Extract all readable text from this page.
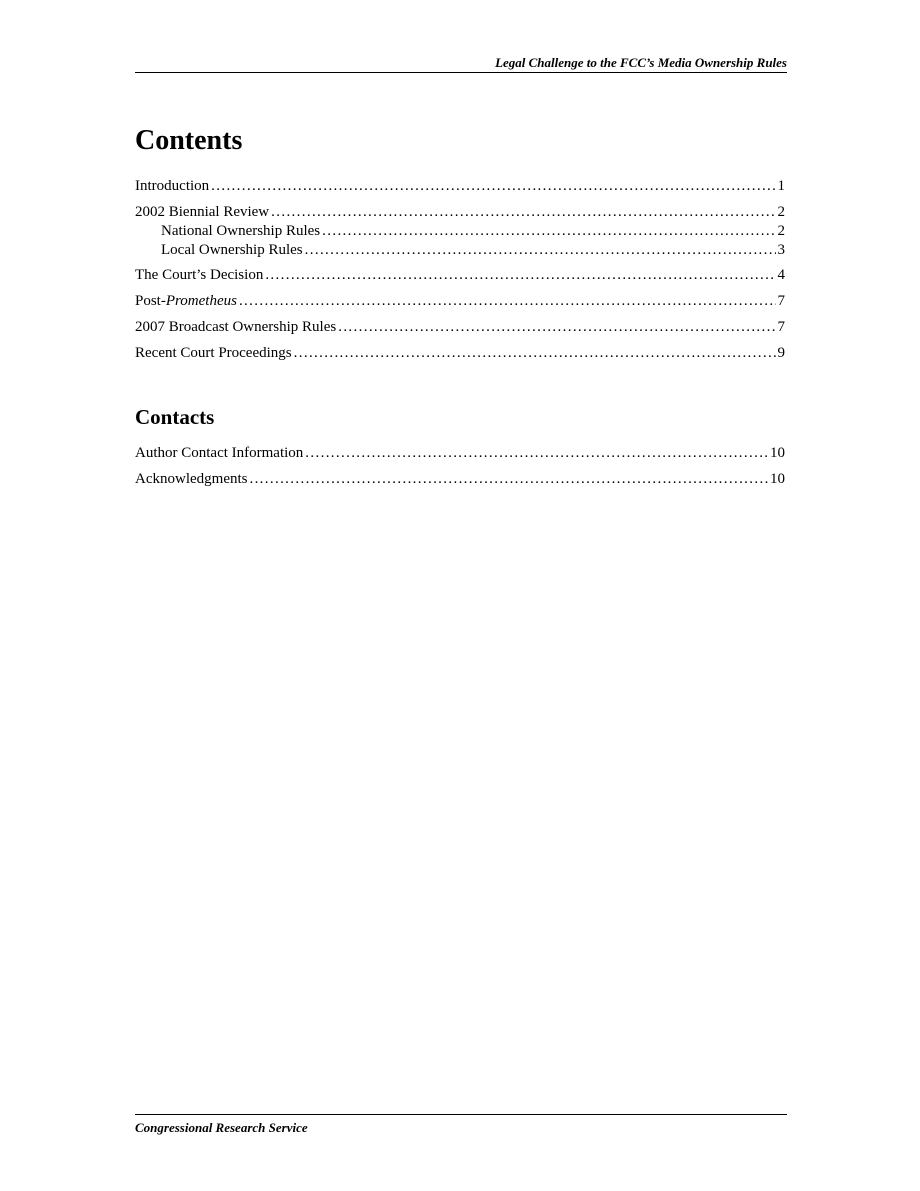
Legal Challenge to the FCC’s Media Ownership Rules
Contents
Introduction . . .	1
2002 Biennial Review . . .	2
National Ownership Rules . . .	2
Local Ownership Rules . . .	3
The Court’s Decision . . .	4
Post-Prometheus . . .	7
2007 Broadcast Ownership Rules . . .	7
Recent Court Proceedings . . .	9
Contacts
Author Contact Information . . .	10
Acknowledgments . . .	10
Congressional Research Service
